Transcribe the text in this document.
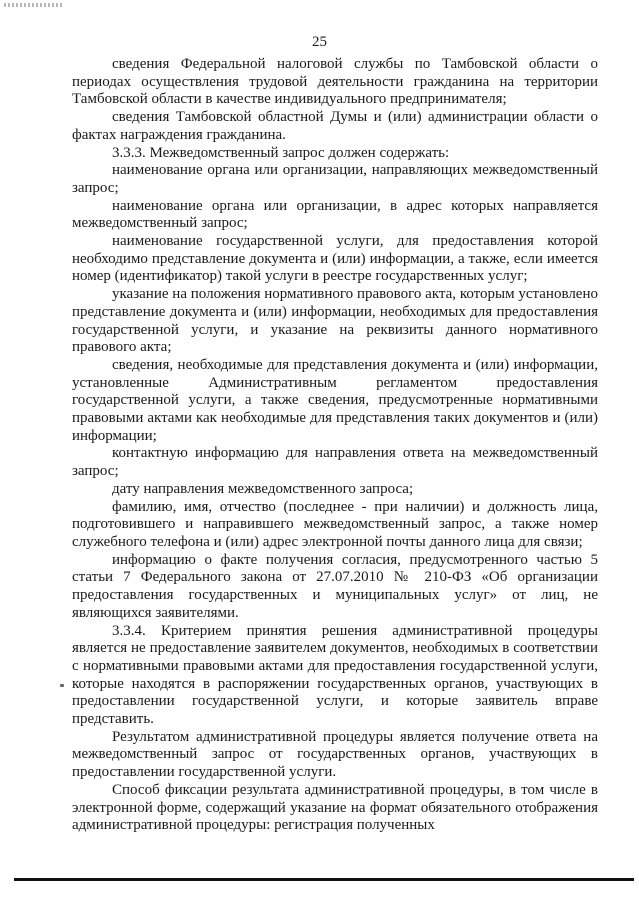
25

сведения Федеральной налоговой службы по Тамбовской области о периодах осуществления трудовой деятельности гражданина на территории Тамбовской области в качестве индивидуального предпринимателя;

сведения Тамбовской областной Думы и (или) администрации области о фактах награждения гражданина.

3.3.3. Межведомственный запрос должен содержать:

наименование органа или организации, направляющих межведомственный запрос;

наименование органа или организации, в адрес которых направляется межведомственный запрос;

наименование государственной услуги, для предоставления которой необходимо представление документа и (или) информации, а также, если имеется номер (идентификатор) такой услуги в реестре государственных услуг;

указание на положения нормативного правового акта, которым установлено представление документа и (или) информации, необходимых для предоставления государственной услуги, и указание на реквизиты данного нормативного правового акта;

сведения, необходимые для представления документа и (или) информации, установленные Административным регламентом предоставления государственной услуги, а также сведения, предусмотренные нормативными правовыми актами как необходимые для представления таких документов и (или) информации;

контактную информацию для направления ответа на межведомственный запрос;

дату направления межведомственного запроса;

фамилию, имя, отчество (последнее - при наличии) и должность лица, подготовившего и направившего межведомственный запрос, а также номер служебного телефона и (или) адрес электронной почты данного лица для связи;

информацию о факте получения согласия, предусмотренного частью 5 статьи 7 Федерального закона от 27.07.2010 № 210-ФЗ «Об организации предоставления государственных и муниципальных услуг» от лиц, не являющихся заявителями.

3.3.4. Критерием принятия решения административной процедуры является не предоставление заявителем документов, необходимых в соответствии с нормативными правовыми актами для предоставления государственной услуги, которые находятся в распоряжении государственных органов, участвующих в предоставлении государственной услуги, и которые заявитель вправе представить.

Результатом административной процедуры является получение ответа на межведомственный запрос от государственных органов, участвующих в предоставлении государственной услуги.

Способ фиксации результата административной процедуры, в том числе в электронной форме, содержащий указание на формат обязательного отображения административной процедуры: регистрация полученных
